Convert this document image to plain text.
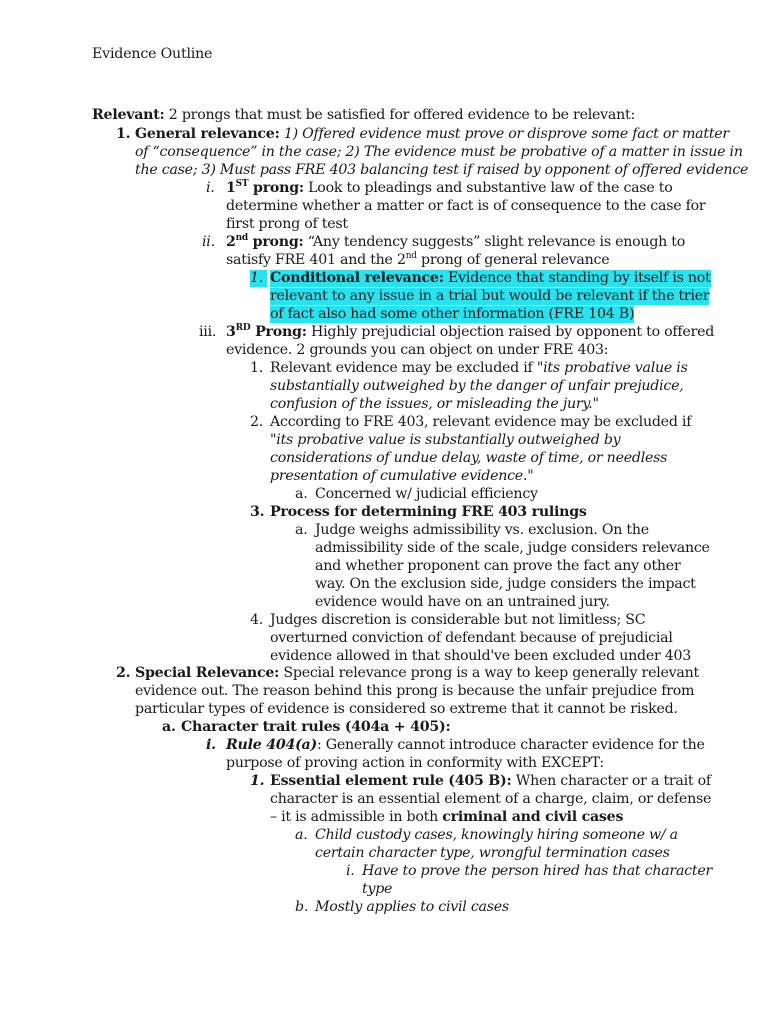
Evidence Outline
Relevant: 2 prongs that must be satisfied for offered evidence to be relevant:
1. General relevance: 1) Offered evidence must prove or disprove some fact or matter
of “consequence” in the case; 2) The evidence must be probative of a matter in issue in
the case; 3) Must pass FRE 403 balancing test if raised by opponent of offered evidence
i. 1ST prong: Look to pleadings and substantive law of the case to
determine whether a matter or fact is of consequence to the case for
first prong of test
ii. 2nd prong: “Any tendency suggests” slight relevance is enough to
satisfy FRE 401 and the 2nd prong of general relevance
1. Conditional relevance: Evidence that standing by itself is not
relevant to any issue in a trial but would be relevant if the trier
of fact also had some other information (FRE 104 B)
iii. 3RD Prong: Highly prejudicial objection raised by opponent to offered
evidence. 2 grounds you can object on under FRE 403:
1. Relevant evidence may be excluded if "its probative value is
substantially outweighed by the danger of unfair prejudice,
confusion of the issues, or misleading the jury."
2. According to FRE 403, relevant evidence may be excluded if
"its probative value is substantially outweighed by
considerations of undue delay, waste of time, or needless
presentation of cumulative evidence."
a. Concerned w/ judicial efficiency
3. Process for determining FRE 403 rulings
a. Judge weighs admissibility vs. exclusion. On the
admissibility side of the scale, judge considers relevance
and whether proponent can prove the fact any other
way. On the exclusion side, judge considers the impact
evidence would have on an untrained jury.
4. Judges discretion is considerable but not limitless; SC
overturned conviction of defendant because of prejudicial
evidence allowed in that should've been excluded under 403
2. Special Relevance: Special relevance prong is a way to keep generally relevant
evidence out. The reason behind this prong is because the unfair prejudice from
particular types of evidence is considered so extreme that it cannot be risked.
a. Character trait rules (404a + 405):
i. Rule 404(a): Generally cannot introduce character evidence for the
purpose of proving action in conformity with EXCEPT:
1. Essential element rule (405 B): When character or a trait of
character is an essential element of a charge, claim, or defense
– it is admissible in both criminal and civil cases
a. Child custody cases, knowingly hiring someone w/ a
certain character type, wrongful termination cases
i. Have to prove the person hired has that character
type
b. Mostly applies to civil cases
